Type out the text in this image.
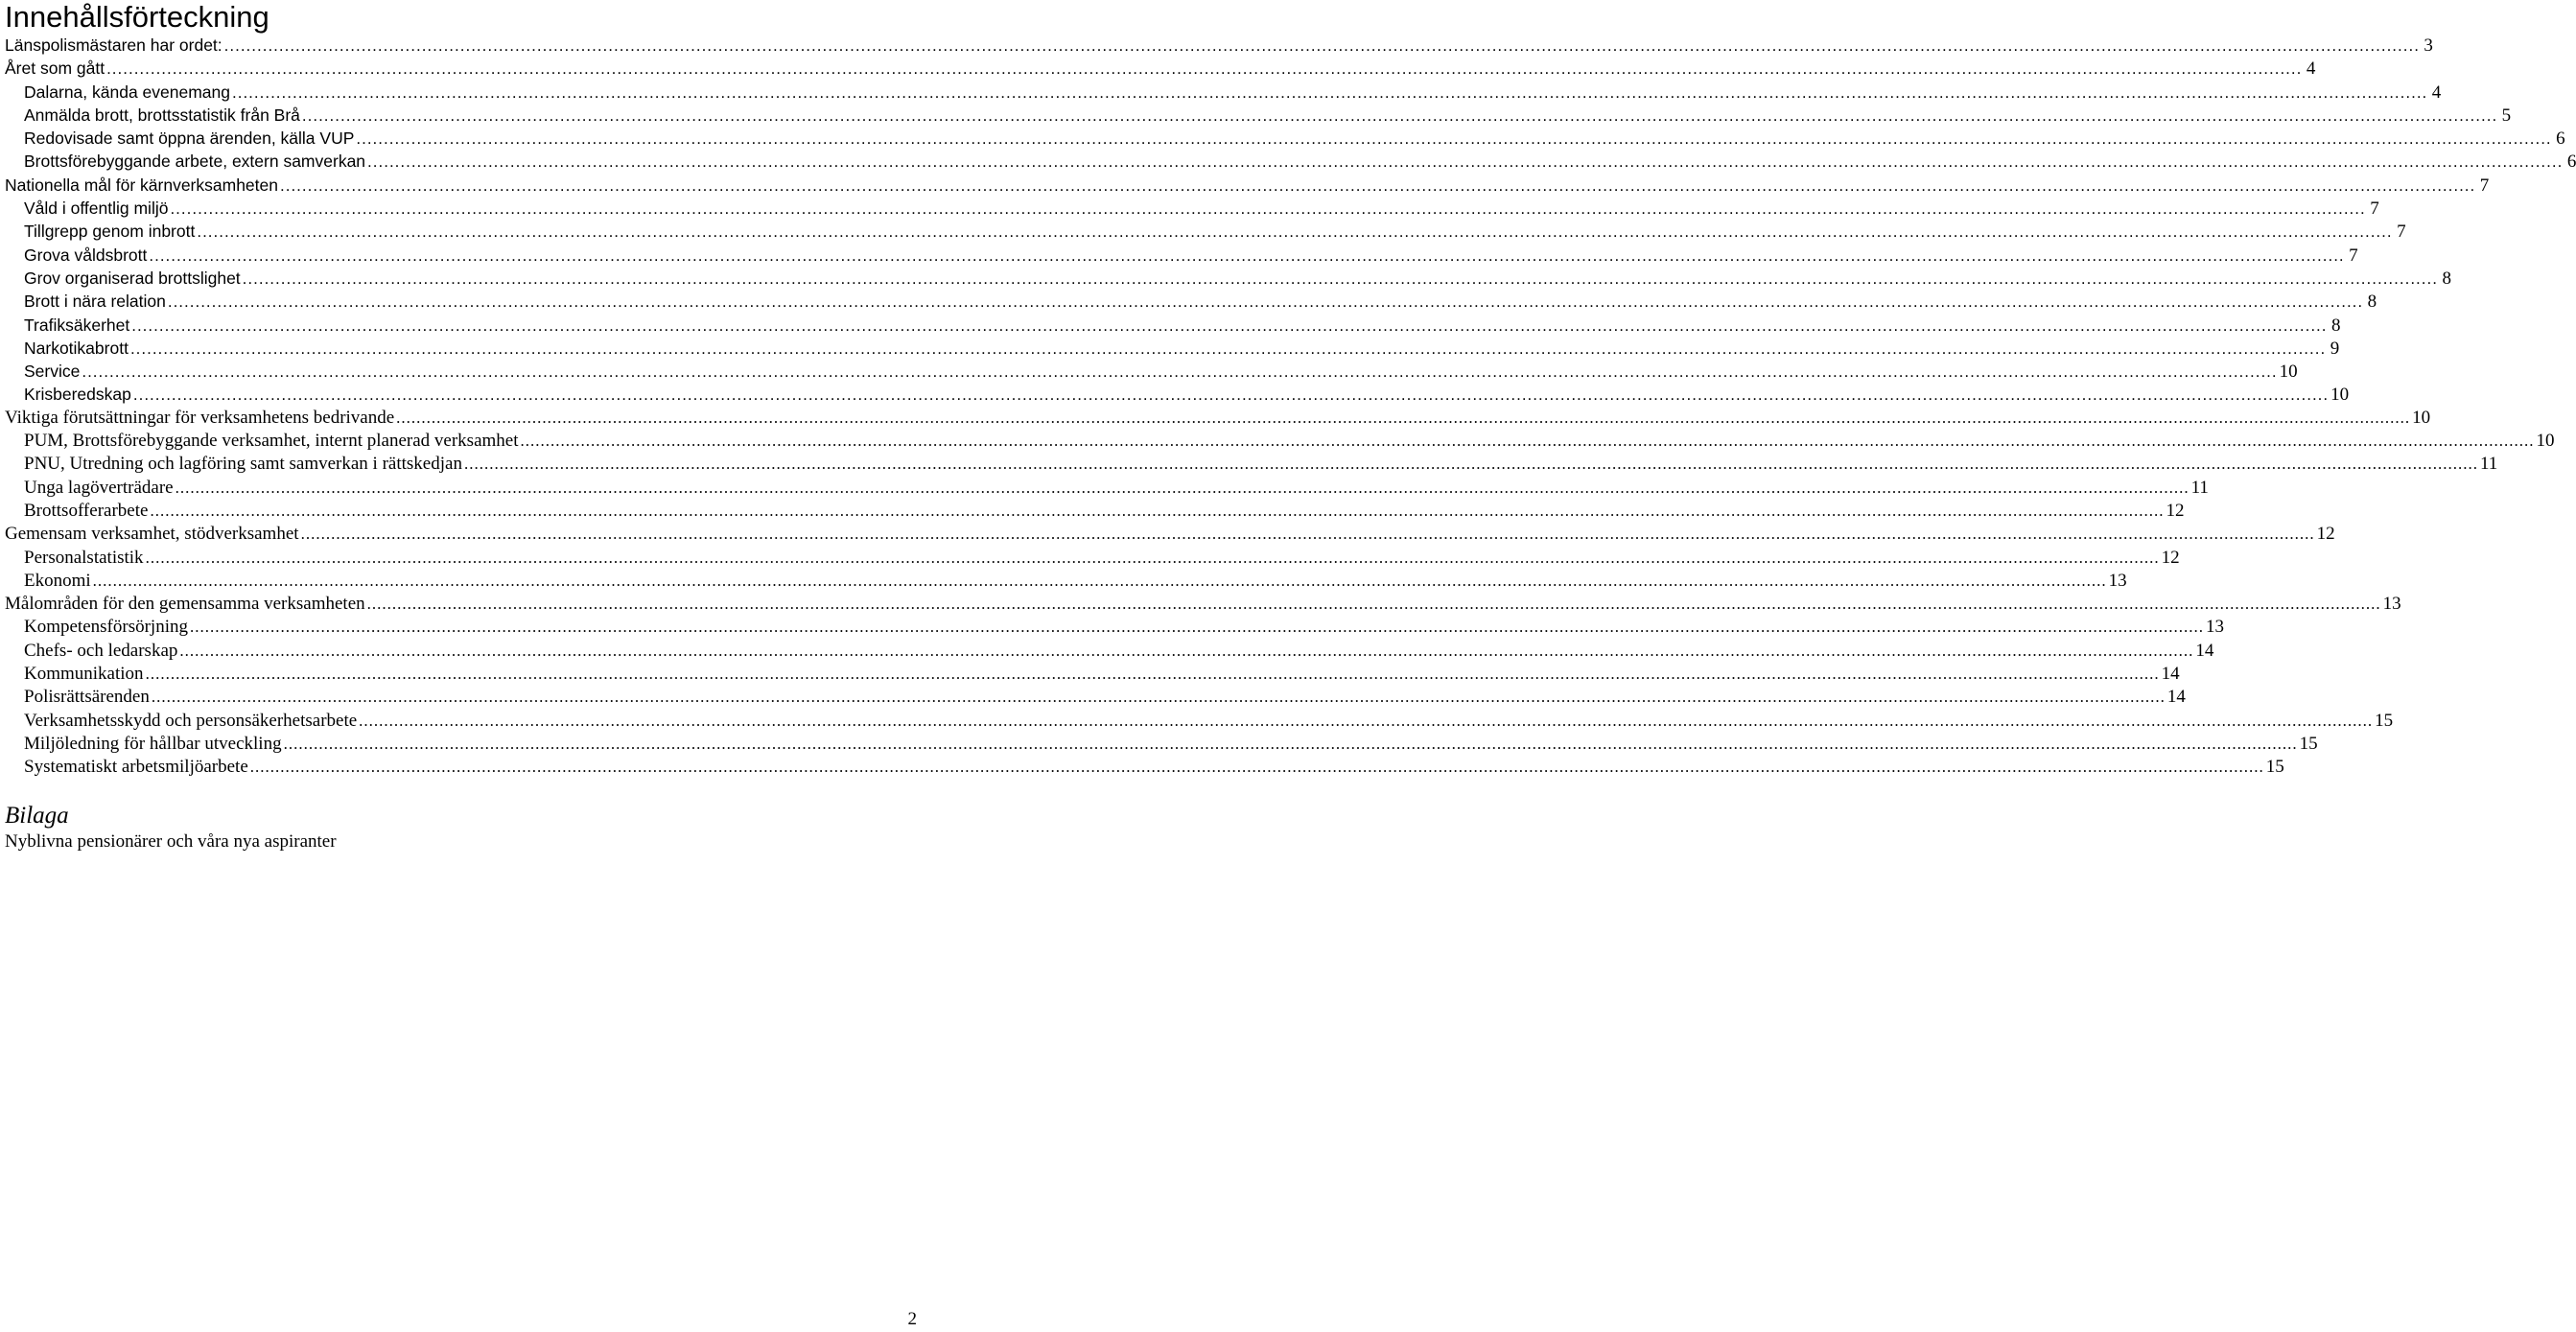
Innehållsförteckning
Länspolismästaren har ordet: ................................................................................................................................................................................................................................................................................................................................................................................................................ 3
Året som gått ................................................................................................................................................................................................................................................................................................................................................................................................................ 4
Dalarna, kända evenemang ................................................................................................................................................................................................................................................................................................................................................................................................................ 4
Anmälda brott, brottsstatistik från Brå ................................................................................................................................................................................................................................................................................................................................................................................................................ 5
Redovisade samt öppna ärenden, källa VUP ................................................................................................................................................................................................................................................................................................................................................................................................................ 6
Brottsförebyggande arbete, extern samverkan ................................................................................................................................................................................................................................................................................................................................................................................................................ 6
Nationella mål för kärnverksamheten ................................................................................................................................................................................................................................................................................................................................................................................................................ 7
Våld i offentlig miljö ................................................................................................................................................................................................................................................................................................................................................................................................................ 7
Tillgrepp genom inbrott ................................................................................................................................................................................................................................................................................................................................................................................................................ 7
Grova våldsbrott ................................................................................................................................................................................................................................................................................................................................................................................................................ 7
Grov organiserad brottslighet ................................................................................................................................................................................................................................................................................................................................................................................................................ 8
Brott i nära relation ................................................................................................................................................................................................................................................................................................................................................................................................................ 8
Trafiksäkerhet ................................................................................................................................................................................................................................................................................................................................................................................................................ 8
Narkotikabrott ................................................................................................................................................................................................................................................................................................................................................................................................................ 9
Service ................................................................................................................................................................................................................................................................................................................................................................................................................ 10
Krisberedskap ................................................................................................................................................................................................................................................................................................................................................................................................................ 10
Viktiga förutsättningar för verksamhetens bedrivande ................................................................................................................................................................................................................................................................................................................................................................................................................ 10
PUM, Brottsförebyggande verksamhet, internt planerad verksamhet ................................................................................................................................................................................................................................................................................................................................................................................................................ 10
PNU, Utredning och lagföring samt samverkan i rättskedjan ................................................................................................................................................................................................................................................................................................................................................................................................................ 11
Unga lagöverträdare ................................................................................................................................................................................................................................................................................................................................................................................................................ 11
Brottsofferarbete ................................................................................................................................................................................................................................................................................................................................................................................................................ 12
Gemensam verksamhet, stödverksamhet ................................................................................................................................................................................................................................................................................................................................................................................................................ 12
Personalstatistik ................................................................................................................................................................................................................................................................................................................................................................................................................ 12
Ekonomi ................................................................................................................................................................................................................................................................................................................................................................................................................ 13
Målområden för den gemensamma verksamheten ................................................................................................................................................................................................................................................................................................................................................................................................................ 13
Kompetensförsörjning ................................................................................................................................................................................................................................................................................................................................................................................................................ 13
Chefs- och ledarskap ................................................................................................................................................................................................................................................................................................................................................................................................................ 14
Kommunikation ................................................................................................................................................................................................................................................................................................................................................................................................................ 14
Polisrättsärenden ................................................................................................................................................................................................................................................................................................................................................................................................................ 14
Verksamhetsskydd och personsäkerhetsarbete ................................................................................................................................................................................................................................................................................................................................................................................................................ 15
Miljöledning för hållbar utveckling ................................................................................................................................................................................................................................................................................................................................................................................................................ 15
Systematiskt arbetsmiljöarbete ................................................................................................................................................................................................................................................................................................................................................................................................................ 15
Bilaga
Nyblivna pensionärer och våra nya aspiranter
2
